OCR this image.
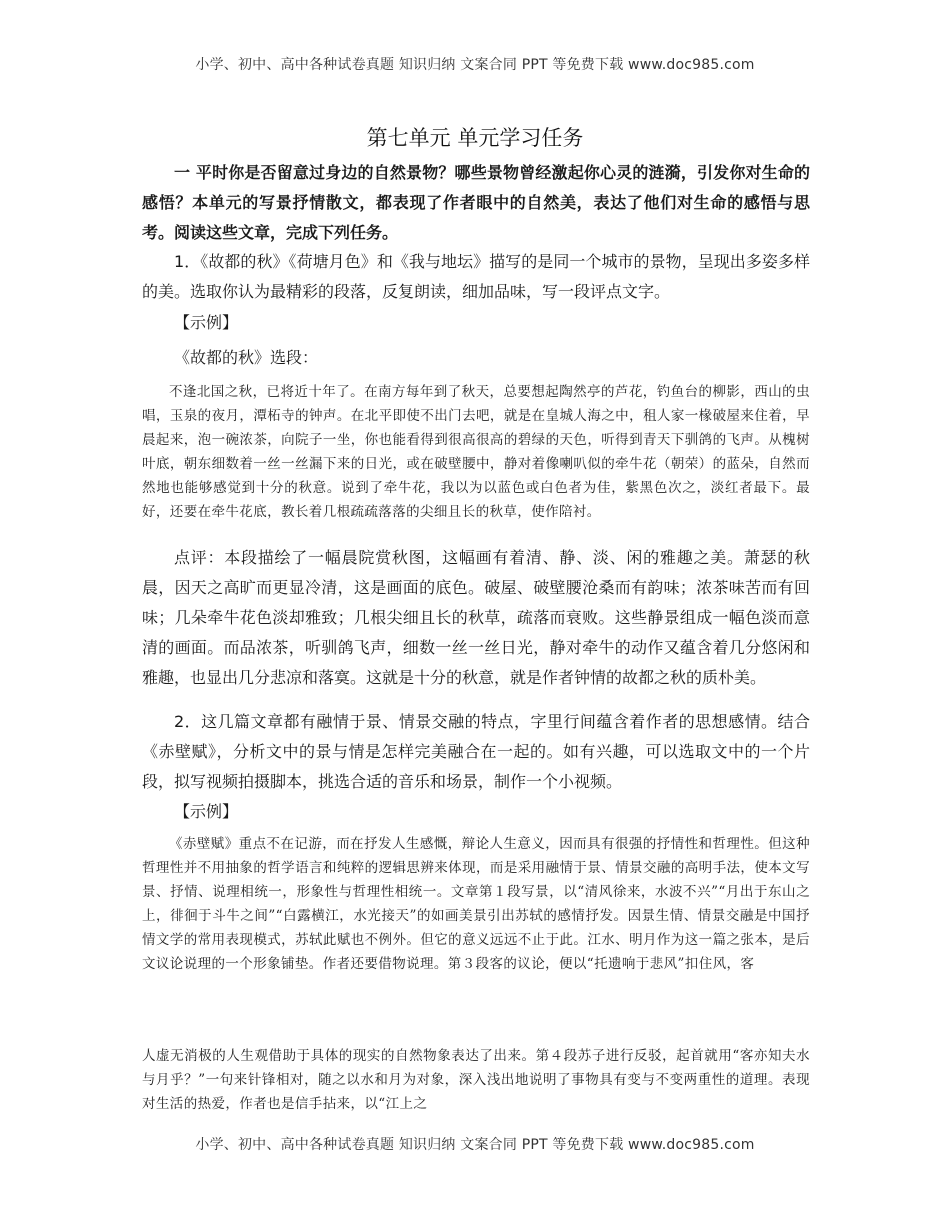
小学、初中、高中各种试卷真题 知识归纳 文案合同 PPT 等免费下载 www.doc985.com
第七单元 单元学习任务

一 平时你是否留意过身边的自然景物？哪些景物曾经激起你心灵的涟漪，引发你对生命的感悟？本单元的写景抒情散文，都表现了作者眼中的自然美，表达了他们对生命的感悟与思考。阅读这些文章，完成下列任务。

1．《故都的秋》《荷塘月色》和《我与地坛》描写的是同一个城市的景物，呈现出多姿多样的美。选取你认为最精彩的段落，反复朗读，细加品味，写一段评点文字。

【示例】

《故都的秋》选段：

不逢北国之秋，已将近十年了。在南方每年到了秋天，总要想起陶然亭的芦花，钓鱼台的柳影，西山的虫唱，玉泉的夜月，潭柘寺的钟声。在北平即使不出门去吧，就是在皇城人海之中，租人家一椽破屋来住着，早晨起来，泡一碗浓茶，向院子一坐，你也能看得到很高很高的碧绿的天色，听得到青天下驯鸽的飞声。从槐树叶底，朝东细数着一丝一丝漏下来的日光，或在破壁腰中，静对着像喇叭似的牵牛花（朝荣）的蓝朵，自然而然地也能够感觉到十分的秋意。说到了牵牛花，我以为以蓝色或白色者为佳，紫黑色次之，淡红者最下。最好，还要在牵牛花底，教长着几根疏疏落落的尖细且长的秋草，使作陪衬。

点评：本段描绘了一幅晨院赏秋图，这幅画有着清、静、淡、闲的雅趣之美。萧瑟的秋晨，因天之高旷而更显冷清，这是画面的底色。破屋、破壁腰沧桑而有韵味；浓茶味苦而有回味；几朵牵牛花色淡却雅致；几根尖细且长的秋草，疏落而衰败。这些静景组成一幅色淡而意清的画面。而品浓茶，听驯鸽飞声，细数一丝一丝日光，静对牵牛的动作又蕴含着几分悠闲和雅趣，也显出几分悲凉和落寞。这就是十分的秋意，就是作者钟情的故都之秋的质朴美。

2．这几篇文章都有融情于景、情景交融的特点，字里行间蕴含着作者的思想感情。结合《赤壁赋》，分析文中的景与情是怎样完美融合在一起的。如有兴趣，可以选取文中的一个片段，拟写视频拍摄脚本，挑选合适的音乐和场景，制作一个小视频。

【示例】

《赤壁赋》重点不在记游，而在抒发人生感慨，辩论人生意义，因而具有很强的抒情性和哲理性。但这种哲理性并不用抽象的哲学语言和纯粹的逻辑思辨来体现，而是采用融情于景、情景交融的高明手法，使本文写景、抒情、说理相统一，形象性与哲理性相统一。文章第１段写景，以“清风徐来，水波不兴”“月出于东山之上，徘徊于斗牛之间”“白露横江，水光接天”的如画美景引出苏轼的感情抒发。因景生情、情景交融是中国抒情文学的常用表现模式，苏轼此赋也不例外。但它的意义远远不止于此。江水、明月作为这一篇之张本，是后文议论说理的一个形象铺垫。作者还要借物说理。第３段客的议论，便以“托遗响于悲风”扣住风，客

人虚无消极的人生观借助于具体的现实的自然物象表达了出来。第４段苏子进行反驳，起首就用“客亦知夫水与月乎？”一句来针锋相对，随之以水和月为对象，深入浅出地说明了事物具有变与不变两重性的道理。表现对生活的热爱，作者也是信手拈来，以“江上之

小学、初中、高中各种试卷真题 知识归纳 文案合同 PPT 等免费下载 www.doc985.com
